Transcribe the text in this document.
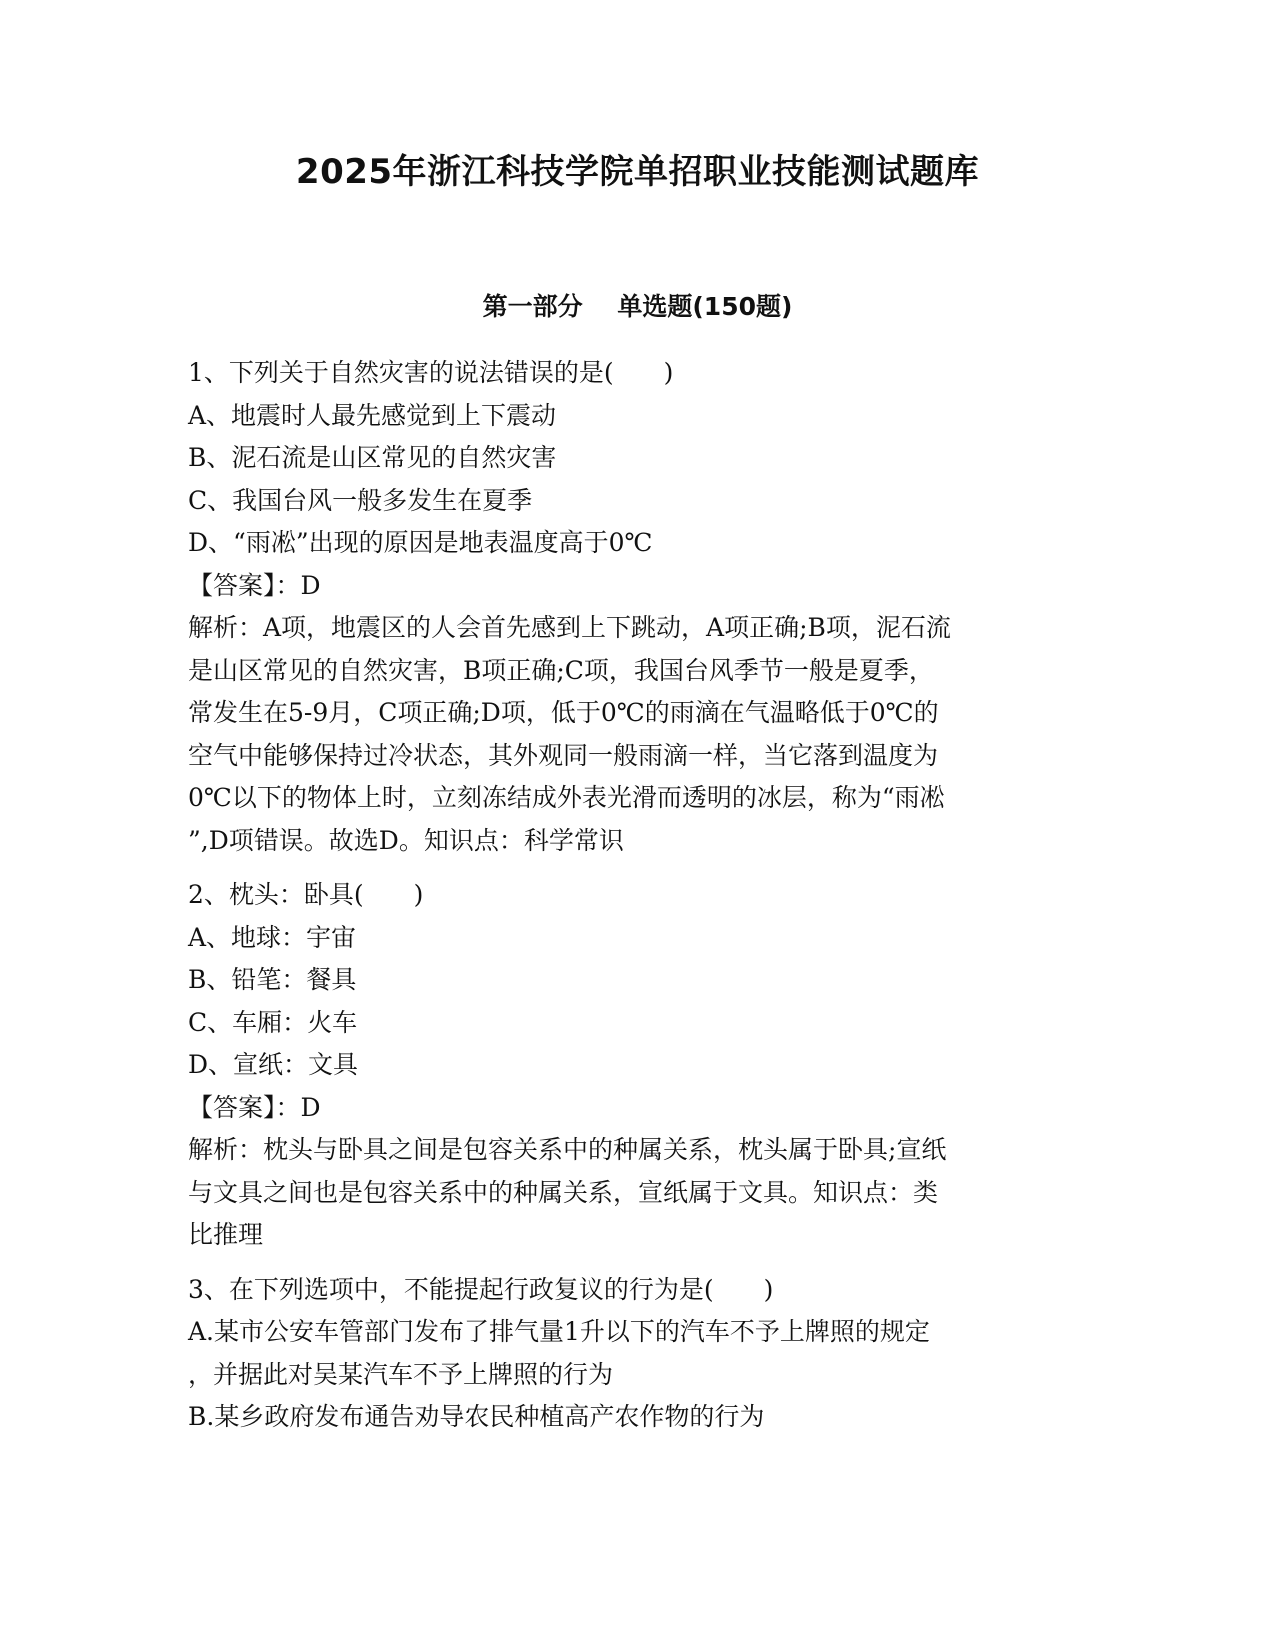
2025年浙江科技学院单招职业技能测试题库
第一部分    单选题(150题)
1、下列关于自然灾害的说法错误的是(　　)
A、地震时人最先感觉到上下震动
B、泥石流是山区常见的自然灾害
C、我国台风一般多发生在夏季
D、“雨凇”出现的原因是地表温度高于0℃
【答案】：D
解析：A项，地震区的人会首先感到上下跳动，A项正确;B项，泥石流
是山区常见的自然灾害，B项正确;C项，我国台风季节一般是夏季，
常发生在5-9月，C项正确;D项，低于0℃的雨滴在气温略低于0℃的
空气中能够保持过冷状态，其外观同一般雨滴一样，当它落到温度为
0℃以下的物体上时，立刻冻结成外表光滑而透明的冰层，称为“雨凇
”,D项错误。故选D。知识点：科学常识
2、枕头：卧具(　　)
A、地球：宇宙
B、铅笔：餐具
C、车厢：火车
D、宣纸：文具
【答案】：D
解析：枕头与卧具之间是包容关系中的种属关系，枕头属于卧具;宣纸
与文具之间也是包容关系中的种属关系，宣纸属于文具。知识点：类
比推理
3、在下列选项中，不能提起行政复议的行为是(　　)
A.某市公安车管部门发布了排气量1升以下的汽车不予上牌照的规定
，并据此对吴某汽车不予上牌照的行为
B.某乡政府发布通告劝导农民种植高产农作物的行为
